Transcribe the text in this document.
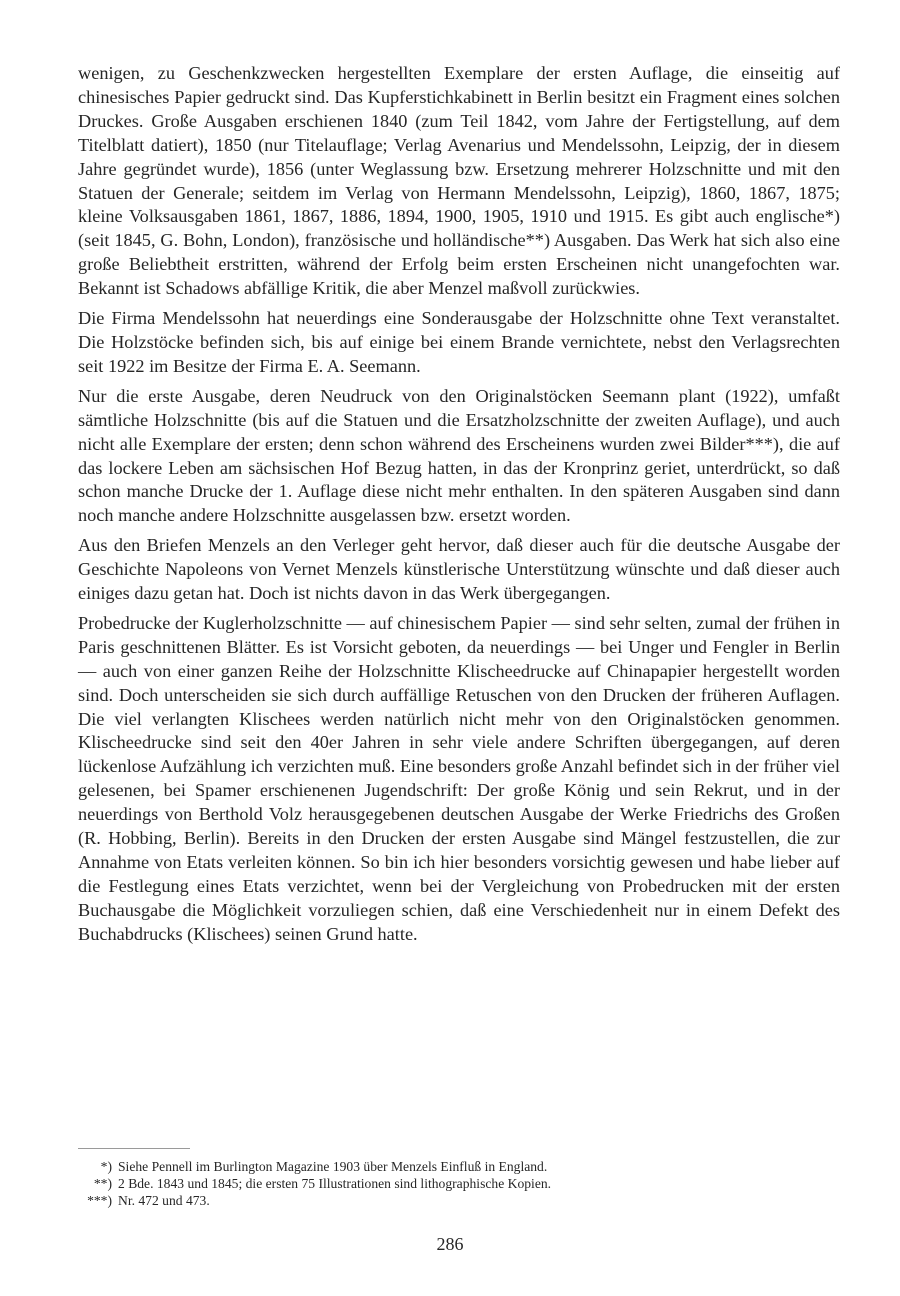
wenigen, zu Geschenkzwecken hergestellten Exemplare der ersten Auflage, die einseitig auf chinesisches Papier gedruckt sind. Das Kupferstichkabinett in Berlin besitzt ein Fragment eines solchen Druckes. Große Ausgaben erschienen 1840 (zum Teil 1842, vom Jahre der Fertigstellung, auf dem Titelblatt datiert), 1850 (nur Titelauflage; Verlag Avenarius und Mendelssohn, Leipzig, der in diesem Jahre gegründet wurde), 1856 (unter Weglassung bzw. Ersetzung mehrerer Holzschnitte und mit den Statuen der Generale; seitdem im Verlag von Hermann Mendelssohn, Leipzig), 1860, 1867, 1875; kleine Volksausgaben 1861, 1867, 1886, 1894, 1900, 1905, 1910 und 1915. Es gibt auch englische*) (seit 1845, G. Bohn, London), französische und holländische**) Ausgaben. Das Werk hat sich also eine große Beliebtheit erstritten, während der Erfolg beim ersten Erscheinen nicht unangefochten war. Bekannt ist Schadows abfällige Kritik, die aber Menzel maßvoll zurückwies.

Die Firma Mendelssohn hat neuerdings eine Sonderausgabe der Holzschnitte ohne Text veranstaltet. Die Holzstöcke befinden sich, bis auf einige bei einem Brande vernichtete, nebst den Verlagsrechten seit 1922 im Besitze der Firma E. A. Seemann.

Nur die erste Ausgabe, deren Neudruck von den Originalstöcken Seemann plant (1922), umfaßt sämtliche Holzschnitte (bis auf die Statuen und die Ersatzholzschnitte der zweiten Auflage), und auch nicht alle Exemplare der ersten; denn schon während des Erscheinens wurden zwei Bilder***), die auf das lockere Leben am sächsischen Hof Bezug hatten, in das der Kronprinz geriet, unterdrückt, so daß schon manche Drucke der 1. Auflage diese nicht mehr enthalten. In den späteren Ausgaben sind dann noch manche andere Holzschnitte ausgelassen bzw. ersetzt worden.

Aus den Briefen Menzels an den Verleger geht hervor, daß dieser auch für die deutsche Ausgabe der Geschichte Napoleons von Vernet Menzels künstlerische Unterstützung wünschte und daß dieser auch einiges dazu getan hat. Doch ist nichts davon in das Werk übergegangen.

Probedrucke der Kuglerholzschnitte — auf chinesischem Papier — sind sehr selten, zumal der frühen in Paris geschnittenen Blätter. Es ist Vorsicht geboten, da neuerdings — bei Unger und Fengler in Berlin — auch von einer ganzen Reihe der Holzschnitte Klischeedrucke auf Chinapapier hergestellt worden sind. Doch unterscheiden sie sich durch auffällige Retuschen von den Drucken der früheren Auflagen. Die viel verlangten Klischees werden natürlich nicht mehr von den Originalstöcken genommen. Klischeedrucke sind seit den 40er Jahren in sehr viele andere Schriften übergegangen, auf deren lückenlose Aufzählung ich verzichten muß. Eine besonders große Anzahl befindet sich in der früher viel gelesenen, bei Spamer erschienenen Jugendschrift: Der große König und sein Rekrut, und in der neuerdings von Berthold Volz herausgegebenen deutschen Ausgabe der Werke Friedrichs des Großen (R. Hobbing, Berlin). Bereits in den Drucken der ersten Ausgabe sind Mängel festzustellen, die zur Annahme von Etats verleiten können. So bin ich hier besonders vorsichtig gewesen und habe lieber auf die Festlegung eines Etats verzichtet, wenn bei der Vergleichung von Probedrucken mit der ersten Buchausgabe die Möglichkeit vorzuliegen schien, daß eine Verschiedenheit nur in einem Defekt des Buchabdrucks (Klischees) seinen Grund hatte.

*) Siehe Pennell im Burlington Magazine 1903 über Menzels Einfluß in England.
**) 2 Bde. 1843 und 1845; die ersten 75 Illustrationen sind lithographische Kopien.
***) Nr. 472 und 473.
286
